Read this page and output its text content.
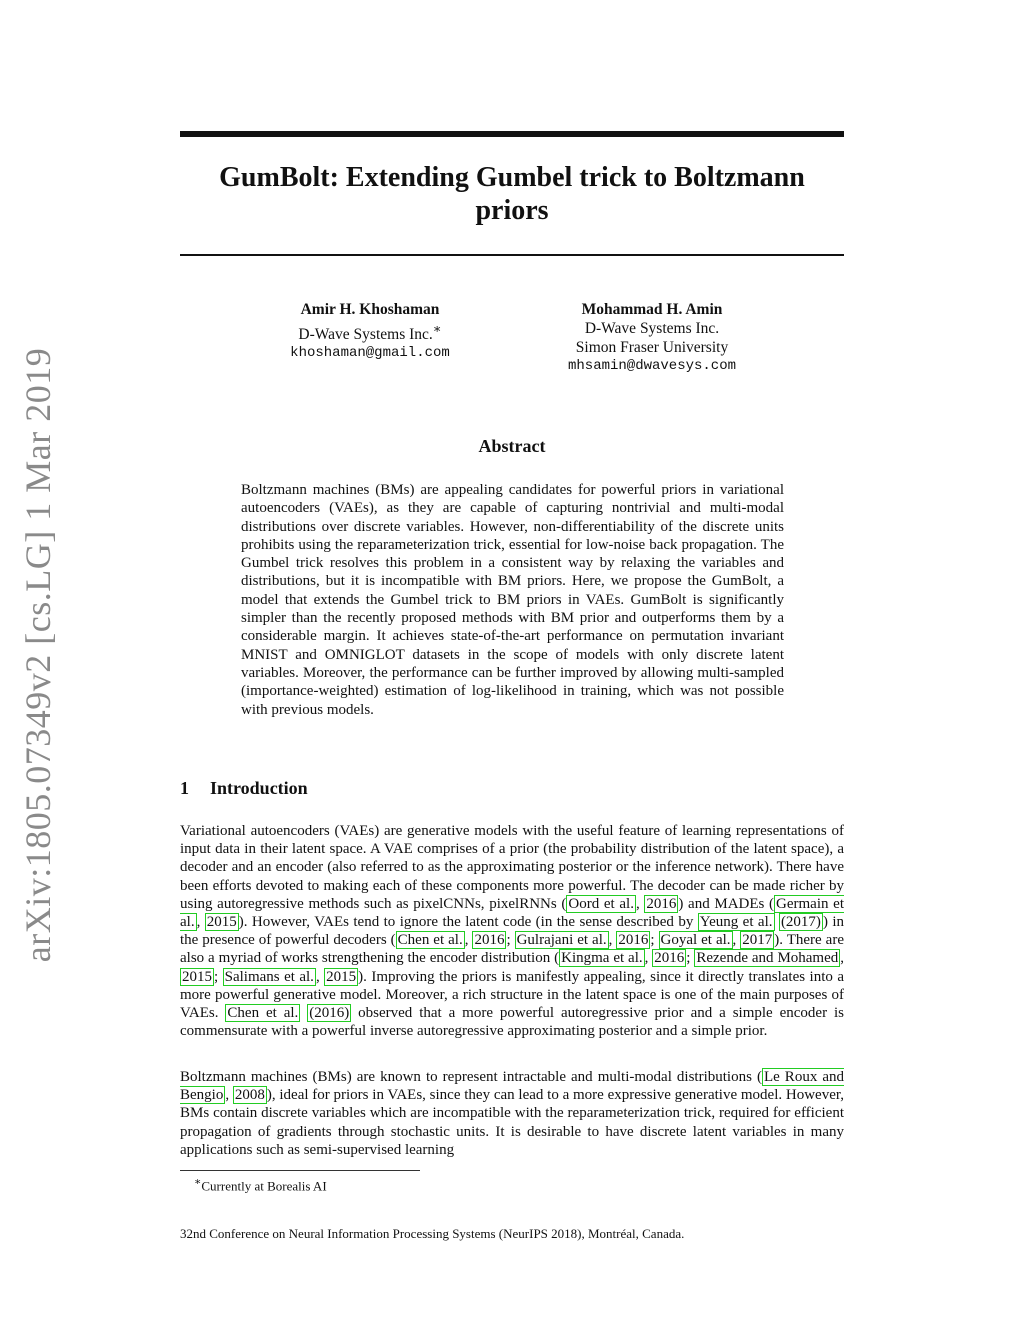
arXiv:1805.07349v2 [cs.LG] 1 Mar 2019
GumBolt: Extending Gumbel trick to Boltzmann
priors
Amir H. Khoshaman
D-Wave Systems Inc.∗
khoshaman@gmail.com
Mohammad H. Amin
D-Wave Systems Inc.
Simon Fraser University
mhsamin@dwavesys.com
Abstract

Boltzmann machines (BMs) are appealing candidates for powerful priors in variational autoencoders (VAEs), as they are capable of capturing nontrivial and multi-modal distributions over discrete variables. However, non-differentiability of the discrete units prohibits using the reparameterization trick, essential for low-noise back propagation. The Gumbel trick resolves this problem in a consistent way by relaxing the variables and distributions, but it is incompatible with BM priors. Here, we propose the GumBolt, a model that extends the Gumbel trick to BM priors in VAEs. GumBolt is significantly simpler than the recently proposed methods with BM prior and outperforms them by a considerable margin. It achieves state-of-the-art performance on permutation invariant MNIST and OMNIGLOT datasets in the scope of models with only discrete latent variables. Moreover, the performance can be further improved by allowing multi-sampled (importance-weighted) estimation of log-likelihood in training, which was not possible with previous models.

1 Introduction

Variational autoencoders (VAEs) are generative models with the useful feature of learning representations of input data in their latent space. A VAE comprises of a prior (the probability distribution of the latent space), a decoder and an encoder (also referred to as the approximating posterior or the inference network). There have been efforts devoted to making each of these components more powerful. The decoder can be made richer by using autoregressive methods such as pixelCNNs, pixelRNNs ( Oord et al. , 2016 ) and MADEs ( Germain et al. , 2015 ). However, VAEs tend to ignore the latent code (in the sense described by Yeung et al. (2017) ) in the presence of powerful decoders ( Chen et al. , 2016 ; Gulrajani et al. , 2016 ; Goyal et al. , 2017 ). There are also a myriad of works strengthening the encoder distribution ( Kingma et al. , 2016 ; Rezende and Mohamed , 2015 ; Salimans et al. , 2015 ). Improving the priors is manifestly appealing, since it directly translates into a more powerful generative model. Moreover, a rich structure in the latent space is one of the main purposes of VAEs. Chen et al. (2016) observed that a more powerful autoregressive prior and a simple encoder is commensurate with a powerful inverse autoregressive approximating posterior and a simple prior.

Boltzmann machines (BMs) are known to represent intractable and multi-modal distributions ( Le Roux and Bengio , 2008 ), ideal for priors in VAEs, since they can lead to a more expressive generative model. However, BMs contain discrete variables which are incompatible with the reparameterization trick, required for efficient propagation of gradients through stochastic units. It is desirable to have discrete latent variables in many applications such as semi-supervised learning

∗Currently at Borealis AI

32nd Conference on Neural Information Processing Systems (NeurIPS 2018), Montréal, Canada.
